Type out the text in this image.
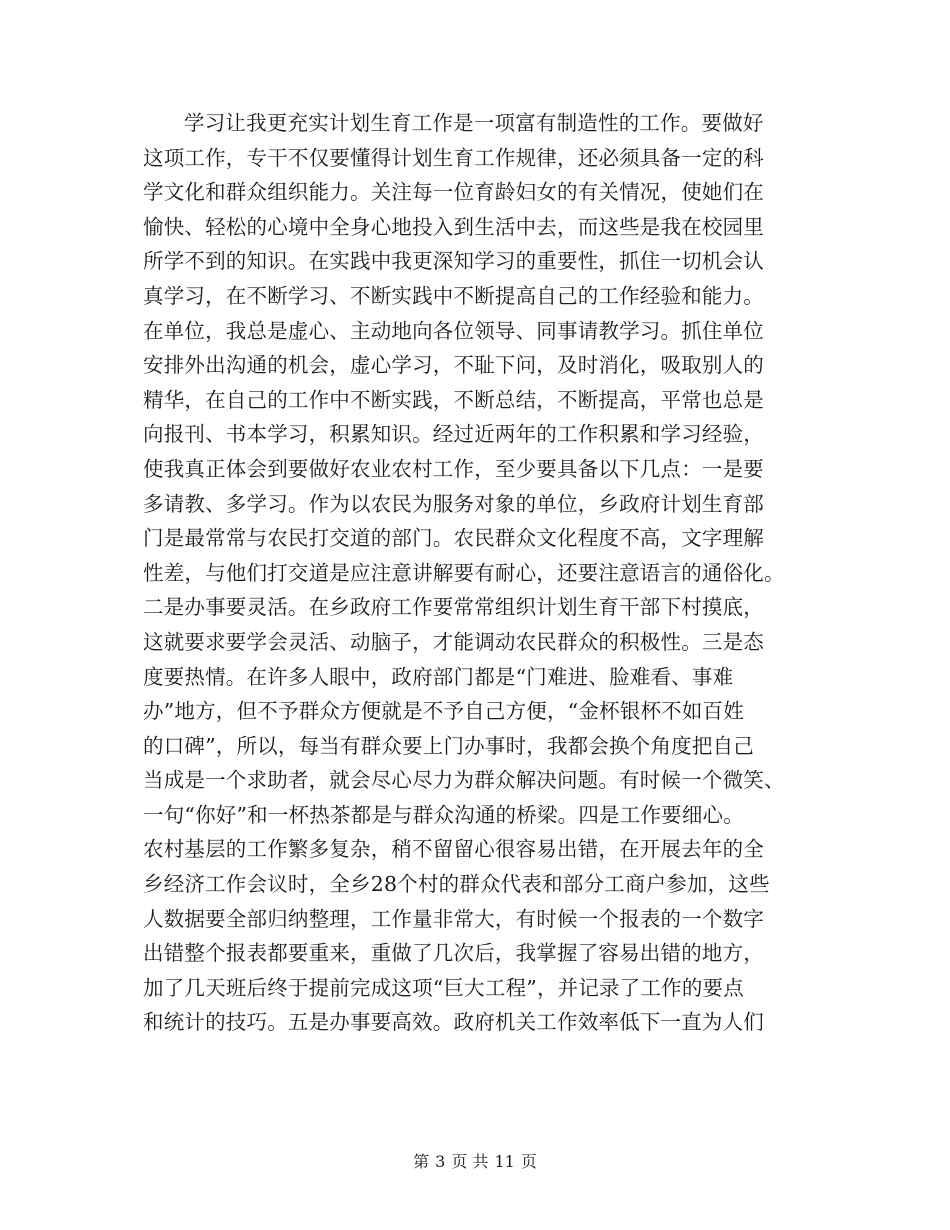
学习让我更充实计划生育工作是一项富有制造性的工作。要做好
这项工作，专干不仅要懂得计划生育工作规律，还必须具备一定的科
学文化和群众组织能力。关注每一位育龄妇女的有关情况，使她们在
愉快、轻松的心境中全身心地投入到生活中去，而这些是我在校园里
所学不到的知识。在实践中我更深知学习的重要性，抓住一切机会认
真学习，在不断学习、不断实践中不断提高自己的工作经验和能力。
在单位，我总是虚心、主动地向各位领导、同事请教学习。抓住单位
安排外出沟通的机会，虚心学习，不耻下问，及时消化，吸取别人的
精华，在自己的工作中不断实践，不断总结，不断提高，平常也总是
向报刊、书本学习，积累知识。经过近两年的工作积累和学习经验，
使我真正体会到要做好农业农村工作，至少要具备以下几点：一是要
多请教、多学习。作为以农民为服务对象的单位，乡政府计划生育部
门是最常常与农民打交道的部门。农民群众文化程度不高，文字理解
性差，与他们打交道是应注意讲解要有耐心，还要注意语言的通俗化。
二是办事要灵活。在乡政府工作要常常组织计划生育干部下村摸底，
这就要求要学会灵活、动脑子，才能调动农民群众的积极性。三是态
度要热情。在许多人眼中，政府部门都是“门难进、脸难看、事难
办”地方，但不予群众方便就是不予自己方便，“金杯银杯不如百姓
的口碑”，所以，每当有群众要上门办事时，我都会换个角度把自己
当成是一个求助者，就会尽心尽力为群众解决问题。有时候一个微笑、
一句“你好”和一杯热茶都是与群众沟通的桥梁。四是工作要细心。
农村基层的工作繁多复杂，稍不留留心很容易出错，在开展去年的全
乡经济工作会议时，全乡28个村的群众代表和部分工商户参加，这些
人数据要全部归纳整理，工作量非常大，有时候一个报表的一个数字
出错整个报表都要重来，重做了几次后，我掌握了容易出错的地方，
加了几天班后终于提前完成这项“巨大工程”，并记录了工作的要点
和统计的技巧。五是办事要高效。政府机关工作效率低下一直为人们
第 3 页 共 11 页
